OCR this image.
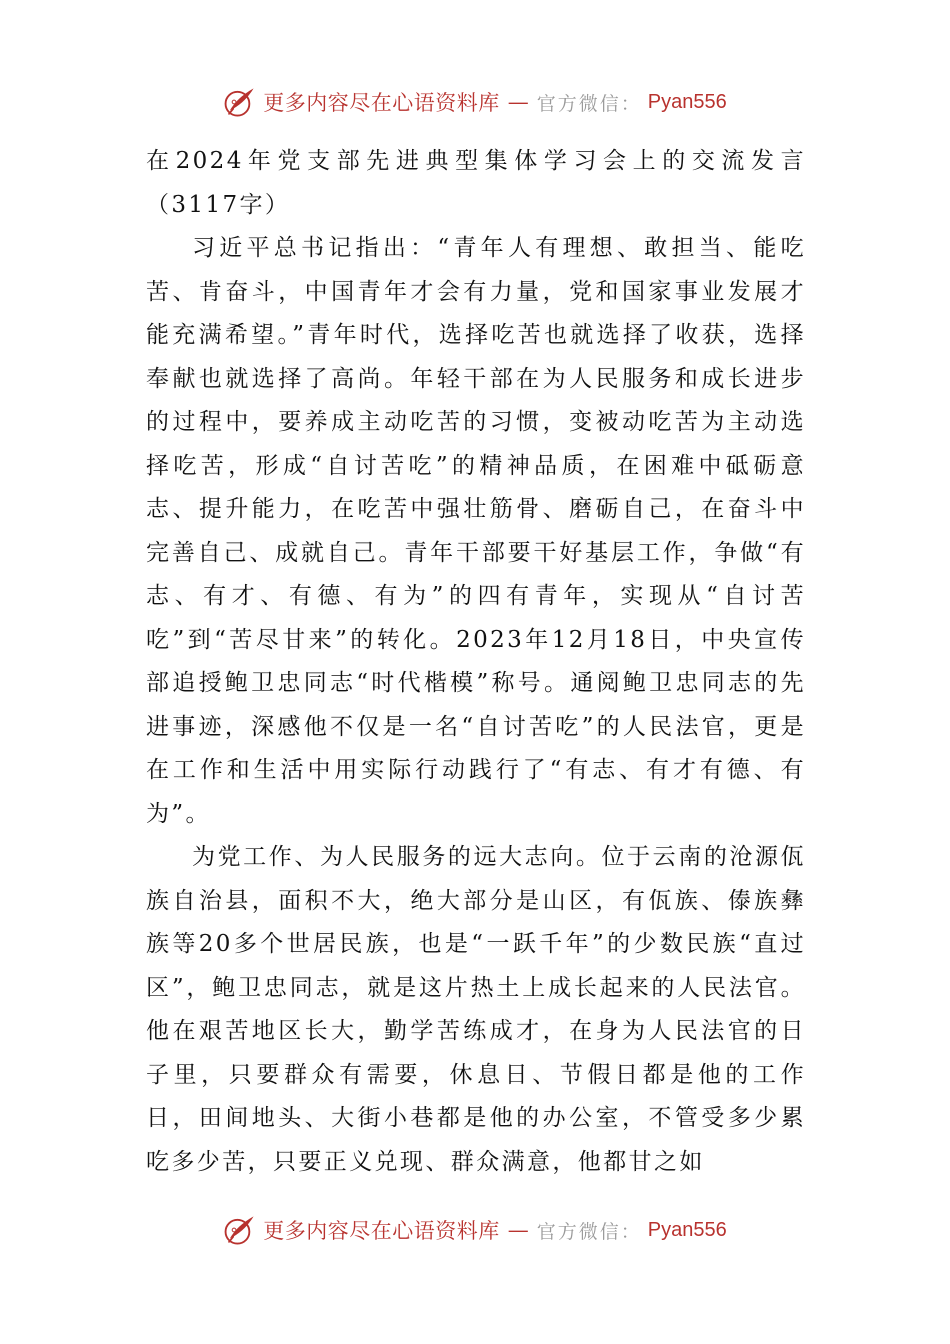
更多内容尽在心语资料库 — 官方微信： Pyan556

在2024年党支部先进典型集体学习会上的交流发言（3117字）

习近平总书记指出：“青年人有理想、敢担当、能吃苦、肯奋斗，中国青年才会有力量，党和国家事业发展才能充满希望。”青年时代，选择吃苦也就选择了收获，选择奉献也就选择了高尚。年轻干部在为人民服务和成长进步的过程中，要养成主动吃苦的习惯，变被动吃苦为主动选择吃苦，形成“自讨苦吃”的精神品质，在困难中砥砺意志、提升能力，在吃苦中强壮筋骨、磨砺自己，在奋斗中完善自己、成就自己。青年干部要干好基层工作，争做“有志、有才、有德、有为”的四有青年，实现从“自讨苦吃”到“苦尽甘来”的转化。2023年12月18日，中央宣传部追授鲍卫忠同志“时代楷模”称号。通阅鲍卫忠同志的先进事迹，深感他不仅是一名“自讨苦吃”的人民法官，更是在工作和生活中用实际行动践行了“有志、有才有德、有为”。

为党工作、为人民服务的远大志向。位于云南的沧源佤族自治县，面积不大，绝大部分是山区，有佤族、傣族彝族等20多个世居民族，也是“一跃千年”的少数民族“直过区”，鲍卫忠同志，就是这片热土上成长起来的人民法官。他在艰苦地区长大，勤学苦练成才，在身为人民法官的日子里，只要群众有需要，休息日、节假日都是他的工作日，田间地头、大街小巷都是他的办公室，不管受多少累吃多少苦，只要正义兑现、群众满意，他都甘之如

更多内容尽在心语资料库 — 官方微信： Pyan556
